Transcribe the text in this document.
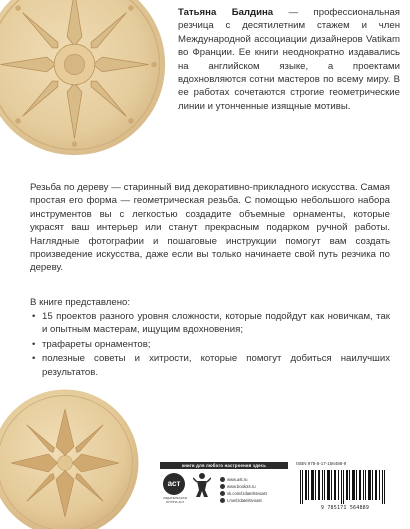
Татьяна Балдина — профессиональная резчица с десятилетним стажем и член Международной ассоциации дизайнеров Vatikam во Франции. Ее книги неоднократно издавались на английском языке, а проектами вдохновляются сотни мастеров по всему миру. В ее работах сочетаются строгие геометрические линии и утонченные изящные мотивы.

Резьба по дереву — старинный вид декоративно-прикладного искусства. Самая простая его форма — геометрическая резьба. С помощью небольшого набора инструментов вы с легкостью создадите объемные орнаменты, которые украсят ваш интерьер или станут прекрасным подарком ручной работы. Наглядные фотографии и пошаговые инструкции помогут вам создать произведение искусства, даже если вы только начинаете свой путь резчика по дереву.

В книге представлено:

• 15 проектов разного уровня сложности, которые подойдут как новичкам, так и опытным мастерам, ищущим вдохновения;
• трафареты орнаментов;
• полезные советы и хитрости, которые помогут добиться наилучших результатов.
книги для любого настроения здесь	ISBN 978-5-17-156488-9
аст
ИЗДАТЕЛЬСКАЯ ГРУППА АСТ
www.ast.ru
www.book24.ru
vk.com/izdatelstvoast
t.me/izdatelstvoast
9 785171 564889
